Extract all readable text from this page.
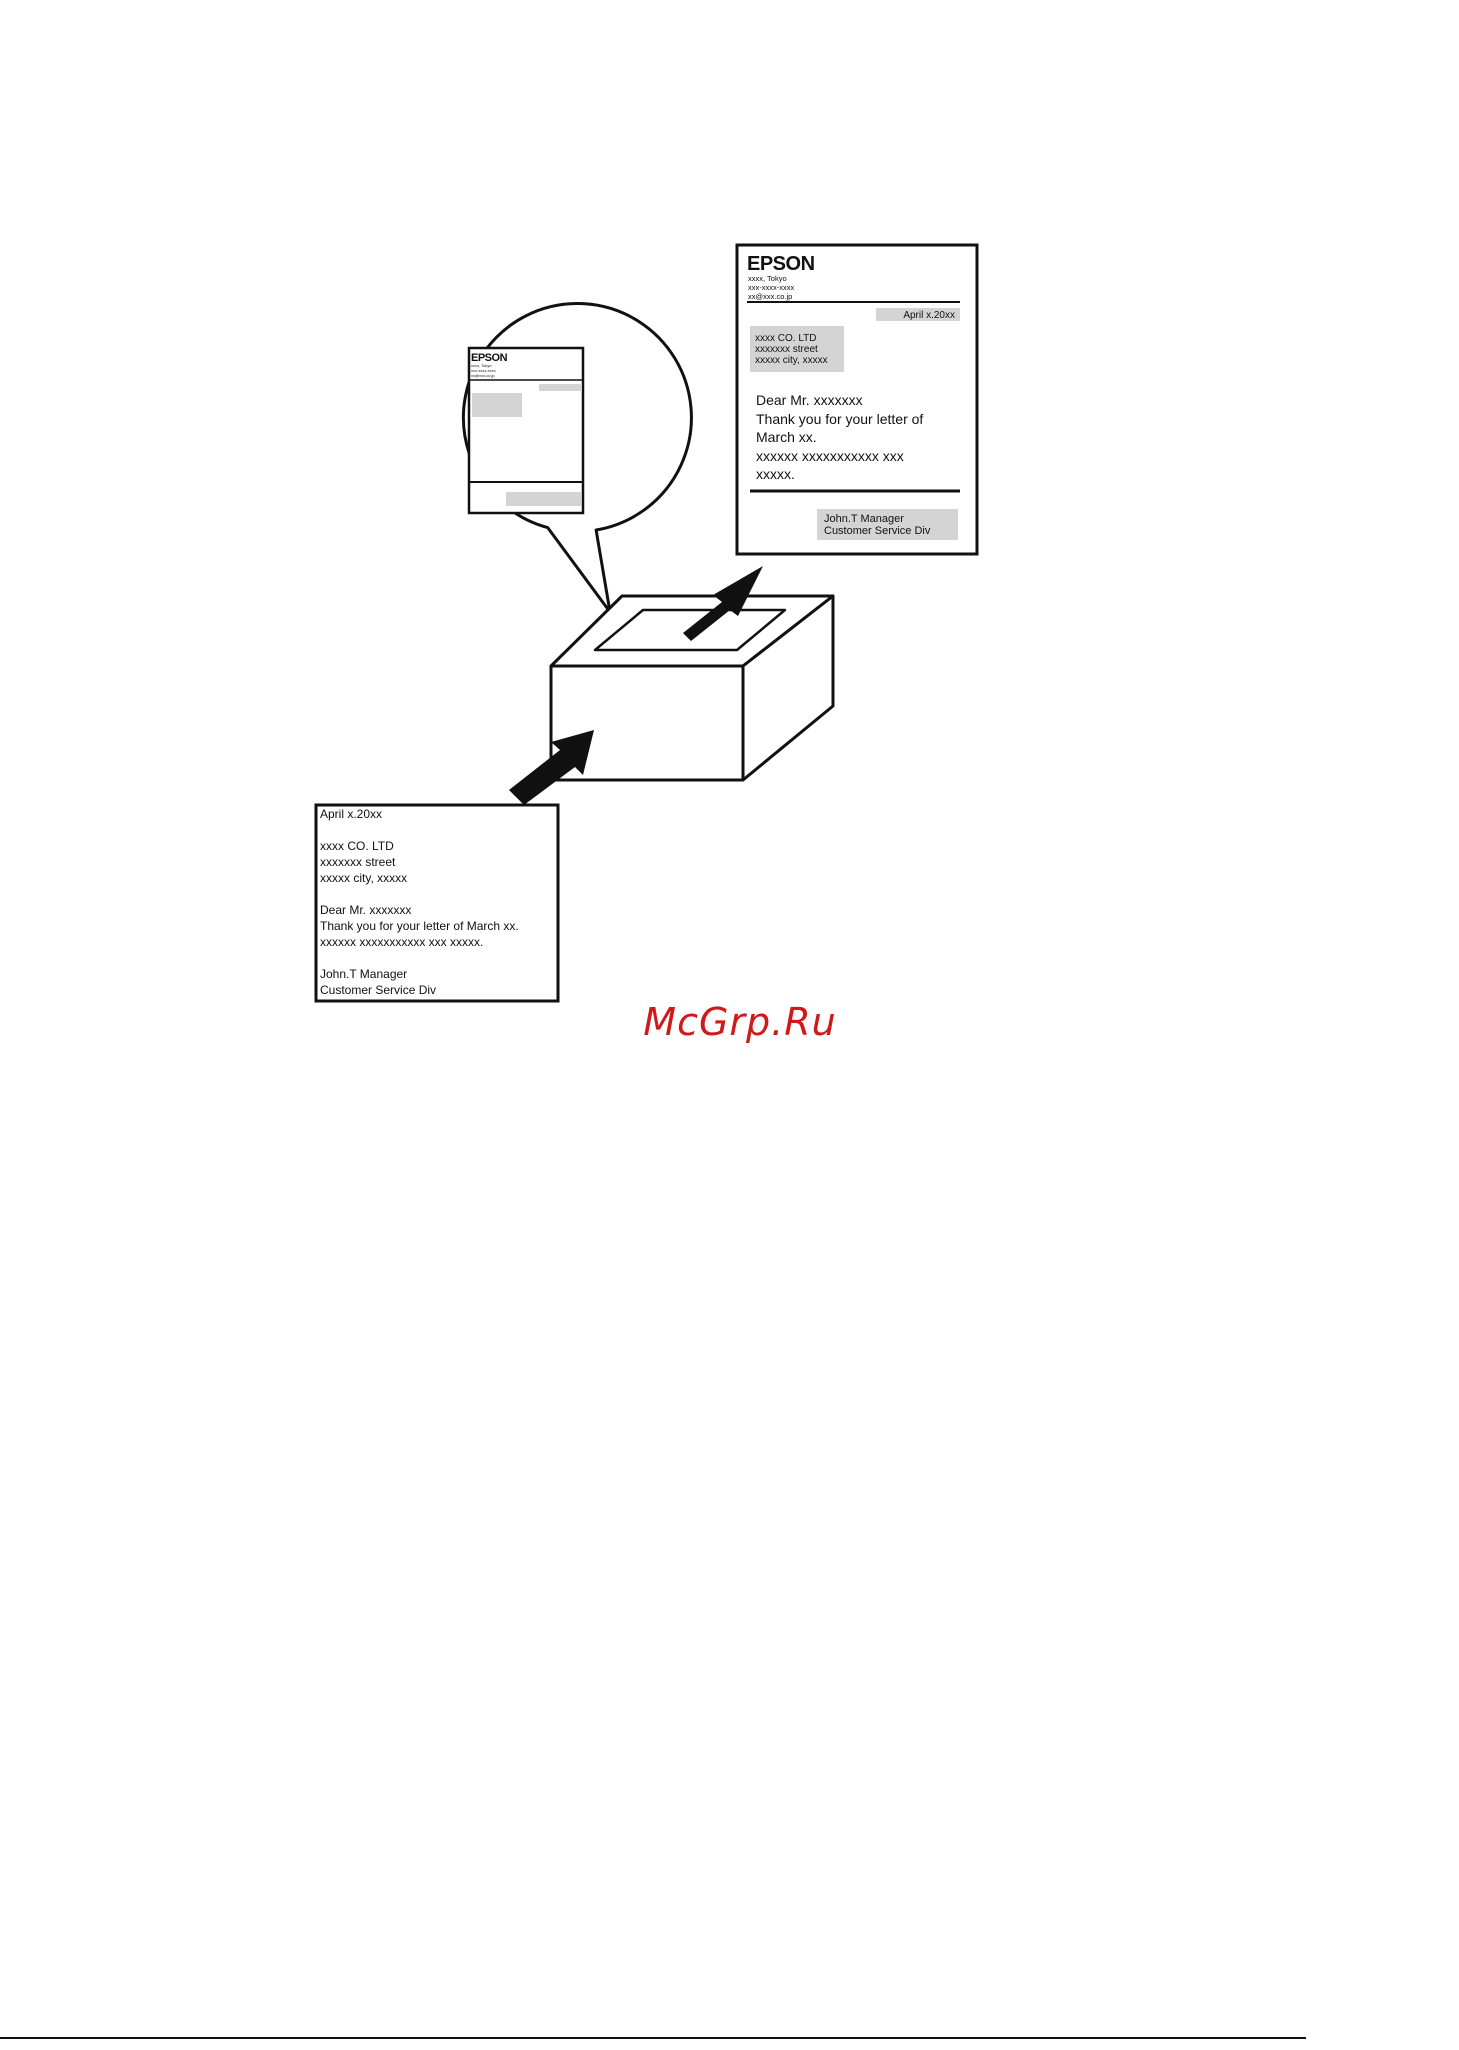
EPSON
xxxx, Tokyo
xxx-xxxx-xxxx
xx@xxx.co.jp
April x.20xx
xxxx CO. LTD
xxxxxxx street
xxxxx city, xxxxx
Dear Mr. xxxxxxx
Thank you for your letter of
March xx.
xxxxxx xxxxxxxxxxx xxx
xxxxx.
John.T Manager
Customer Service Div
EPSON
xxxx, Tokyo
xxx-xxxx-xxxx
xx@xxx.co.jp
April x.20xx
xxxx CO. LTD
xxxxxxx street
xxxxx city, xxxxx
Dear Mr. xxxxxxx
Thank you for your letter of March xx.
xxxxxx xxxxxxxxxxx xxx xxxxx.
John.T Manager
Customer Service Div
McGrp.Ru
